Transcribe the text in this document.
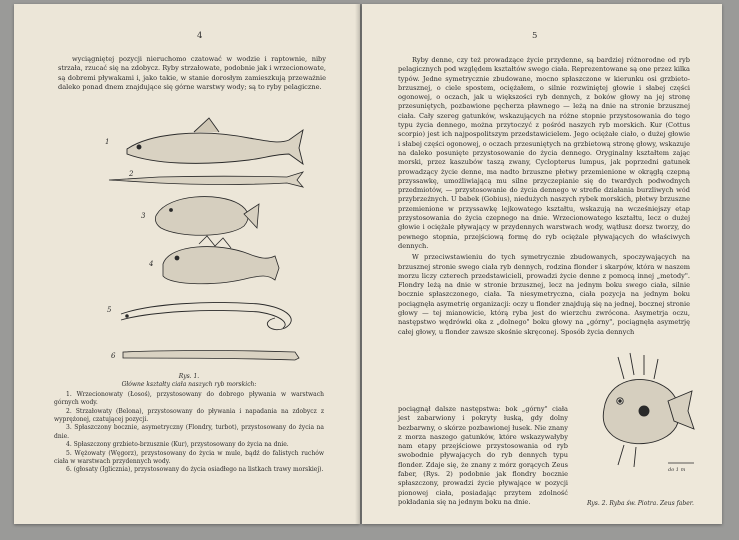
4

wyciągniętej pozycji nieruchomo czatować w wodzie i raptownie, niby strzała, rzucać się na zdobycz. Ryby strzałowate, podobnie jak i wrzecionowate, są dobremi pływakami i, jako takie, w stanie dorosłym zamieszkują przeważnie daleko ponad dnem znajdujące się górne warstwy wody; są to ryby pelagiczne.

1
2
3
4
5
6
Rys. 1.
Główne kształty ciała naszych ryb morskich:
1. Wrzecionowaty (Łosoś), przystosowany do dobrego pływania w warstwach górnych wody.
2. Strzałowaty (Belona), przystosowany do pływania i napadania na zdobycz z wyprężonej, czatującej pozycji.
3. Spłaszczony bocznie, asymetryczny (Flondry, turbot), przystosowany do życia na dnie.
4. Spłaszczony grzbieto-brzusznie (Kur), przystosowany do życia na dnie.
5. Wężowaty (Węgorz), przystosowany do życia w mule, bądź do falistych ruchów ciała w warstwach przydennych wody.
6. (głosaty (Iglicznia), przystosowany do życia osiadłego na listkach trawy morskiej).
5

Ryby denne, czy też prowadzące życie przydenne, są bardziej różnorodne od ryb pelagicznych pod względem kształtów swego ciała. Reprezentowane są one przez kilka typów. Jedne symetrycznie zbudowane, mocno spłaszczone w kierunku osi grzbieto-brzusznej, o ciele spostem, ociężałem, o silnie rozwiniętej głowie i słabej części ogonowej, o oczach, jak u większości ryb dennych, z boków głowy na jej stronę przesuniętych, pozbawione pęcherza pławnego — leżą na dnie na stronie brzusznej ciała. Cały szereg gatunków, wskazujących na różne stopnie przystosowania do tego typu życia dennego, można przytoczyć z pośród naszych ryb morskich. Kur (Cottus scorpio) jest ich najpospolitszym przedstawicielem. Jego ociężałe ciało, o dużej głowie i słabej części ogonowej, o oczach przesuniętych na grzbietową stronę głowy, wskazuje na daleko posunięte przystosowanie do życia dennego. Oryginalny kształtem zając morski, przez kaszubów taszą zwany, Cyclopterus lumpus, jak poprzedni gatunek prowadzący życie denne, ma nadto brzuszne płetwy przemienione w okrągłą czepną przyssawkę, umożliwiającą mu silne przyczepianie się do twardych podwodnych przedmiotów, — przystosowanie do życia dennego w strefie działania burzliwych wód przybrzeżnych. U babek (Gobius), niedużych naszych rybek morskich, płetwy brzuszne przemienione w przyssawkę lejkowatego kształtu, wskazują na wcześniejszy etap przystosowania do życia czepnego na dnie. Wrzecionowatego kształtu, lecz o dużej głowie i ociężale pływający w przydennych warstwach wody, wątłusz dorsz tworzy, do pewnego stopnia, przejściową formę do ryb ociężale pływających do właściwych dennych.

W przeciwstawieniu do tych symetrycznie zbudowanych, spoczywających na brzusznej stronie swego ciała ryb dennych, rodzina flonder i skarpów, która w naszem morzu liczy czterech przedstawicieli, prowadzi życie denne z pomocą innej „metody". Flondry leżą na dnie w stronie brzusznej, lecz na jednym boku swego ciała, silnie bocznie spłaszczonego, ciała. Ta niesymetryczna, ciała pozycja na jednym boku pociągnęła asymetrię organizacji: oczy u flonder znajdują się na jednej, bocznej stronie głowy — tej mianowicie, którą ryba jest do wierzchu zwrócona. Asymetrja oczu, następstwo wędrówki oka z „dolnego" boku głowy na „górny", pociągnęła asymetrję całej głowy, u flonder zawsze skośnie skręconej. Sposób życia dennych

pociągnął dalsze następstwa: bok „górny" ciała jest zabarwiony i pokryty łuską, gdy dolny bezbarwny, o skórze pozbawionej łusek. Nie znany z morza naszego gatunków, które wskazywałyby nam etapy przejściowe przystosowania od ryb swobodnie pływających do ryb dennych typu flonder. Zdaje się, że znany z mórz gorących Zeus faber, (Rys. 2) podobnie jak flondry bocznie spłaszczony, prowadzi życie pływające w pozycji pionowej ciała, posiadając przytem zdolność pokładania się na jednym boku na dnie.

do 1 m
Rys. 2. Ryba św. Piotra. Zeus faber.
